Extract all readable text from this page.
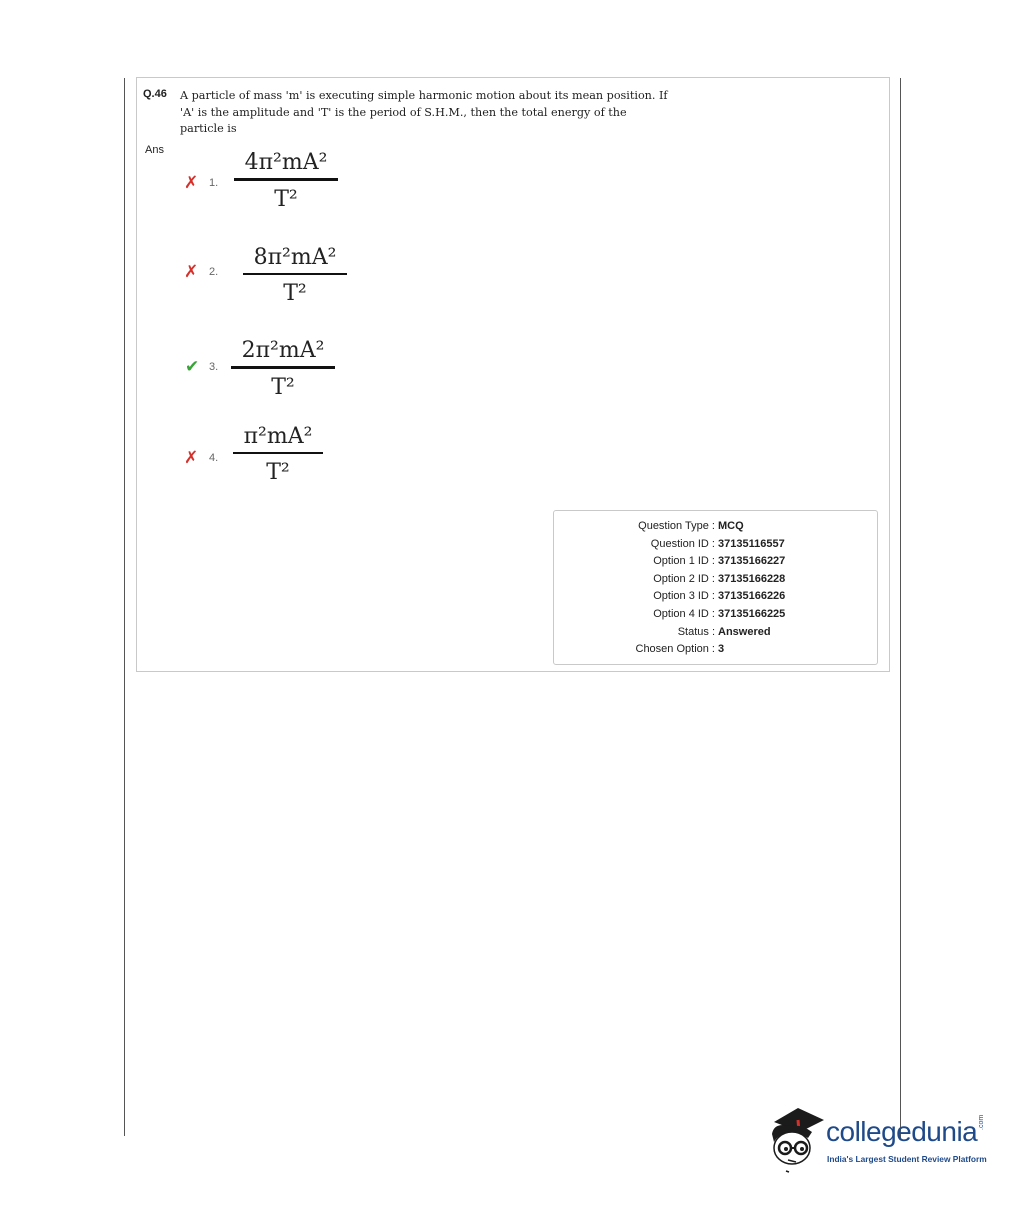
Q.46 A particle of mass 'm' is executing simple harmonic motion about its mean position. If 'A' is the amplitude and 'T' is the period of S.H.M., then the total energy of the particle is
Ans
✗ 1.
4π²mA²
T²
✗ 2.
8π²mA²
T²
✔ 3.
2π²mA²
T²
✗ 4.
π²mA²
T²
Question Type : MCQ
Question ID : 37135116557
Option 1 ID : 37135166227
Option 2 ID : 37135166228
Option 3 ID : 37135166226
Option 4 ID : 37135166225
Status : Answered
Chosen Option : 3
collegedunia .com
India's Largest Student Review Platform
